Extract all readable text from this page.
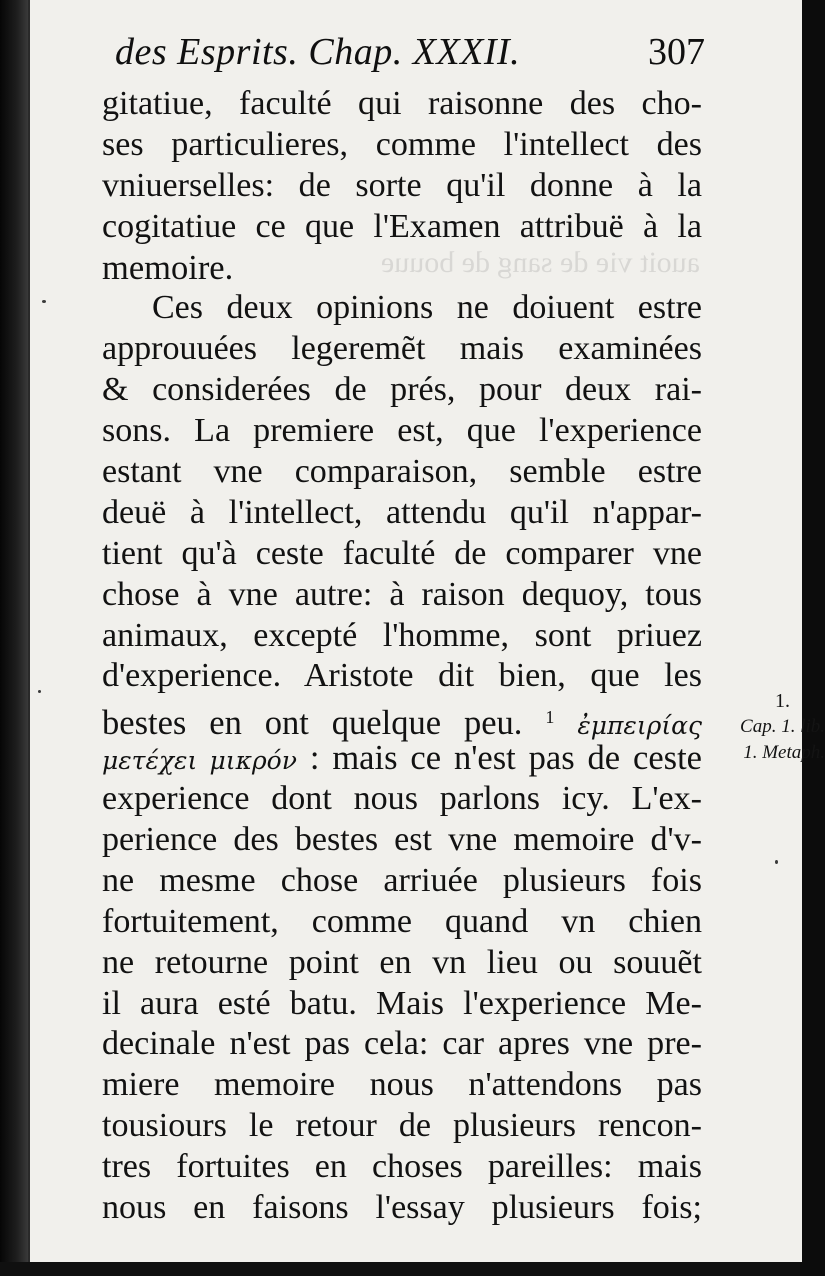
auoit vie de sang de bouue
des Esprits. Chap. XXXII.	307
gitatiue, faculté qui raisonne des cho-
ses particulieres, comme l'intellect des
vniuerselles: de sorte qu'il donne à la
cogitatiue ce que l'Examen attribuë à la
memoire.
Ces deux opinions ne doiuent estre
approuuées legeremẽt mais examinées
& considerées de prés, pour deux rai-
sons. La premiere est, que l'experience
estant vne comparaison, semble estre
deuë à l'intellect, attendu qu'il n'appar-
tient qu'à ceste faculté de comparer vne
chose à vne autre: à raison dequoy, tous
animaux, excepté l'homme, sont priuez
d'experience. Aristote dit bien, que les
bestes en ont quelque peu. $^1$ ἐμπειρίας
μετέχει μικρόν : mais ce n'est pas de ceste
experience dont nous parlons icy. L'ex-
perience des bestes est vne memoire d'v-
ne mesme chose arriuée plusieurs fois
fortuitement, comme quand vn chien
ne retourne point en vn lieu ou souuẽt
il aura esté batu. Mais l'experience Me-
decinale n'est pas cela: car apres vne pre-
miere memoire nous n'attendons pas
tousiours le retour de plusieurs rencon-
tres fortuites en choses pareilles: mais
nous en faisons l'essay plusieurs fois;
1.
Cap. 1. lib.
1. Metaph.
